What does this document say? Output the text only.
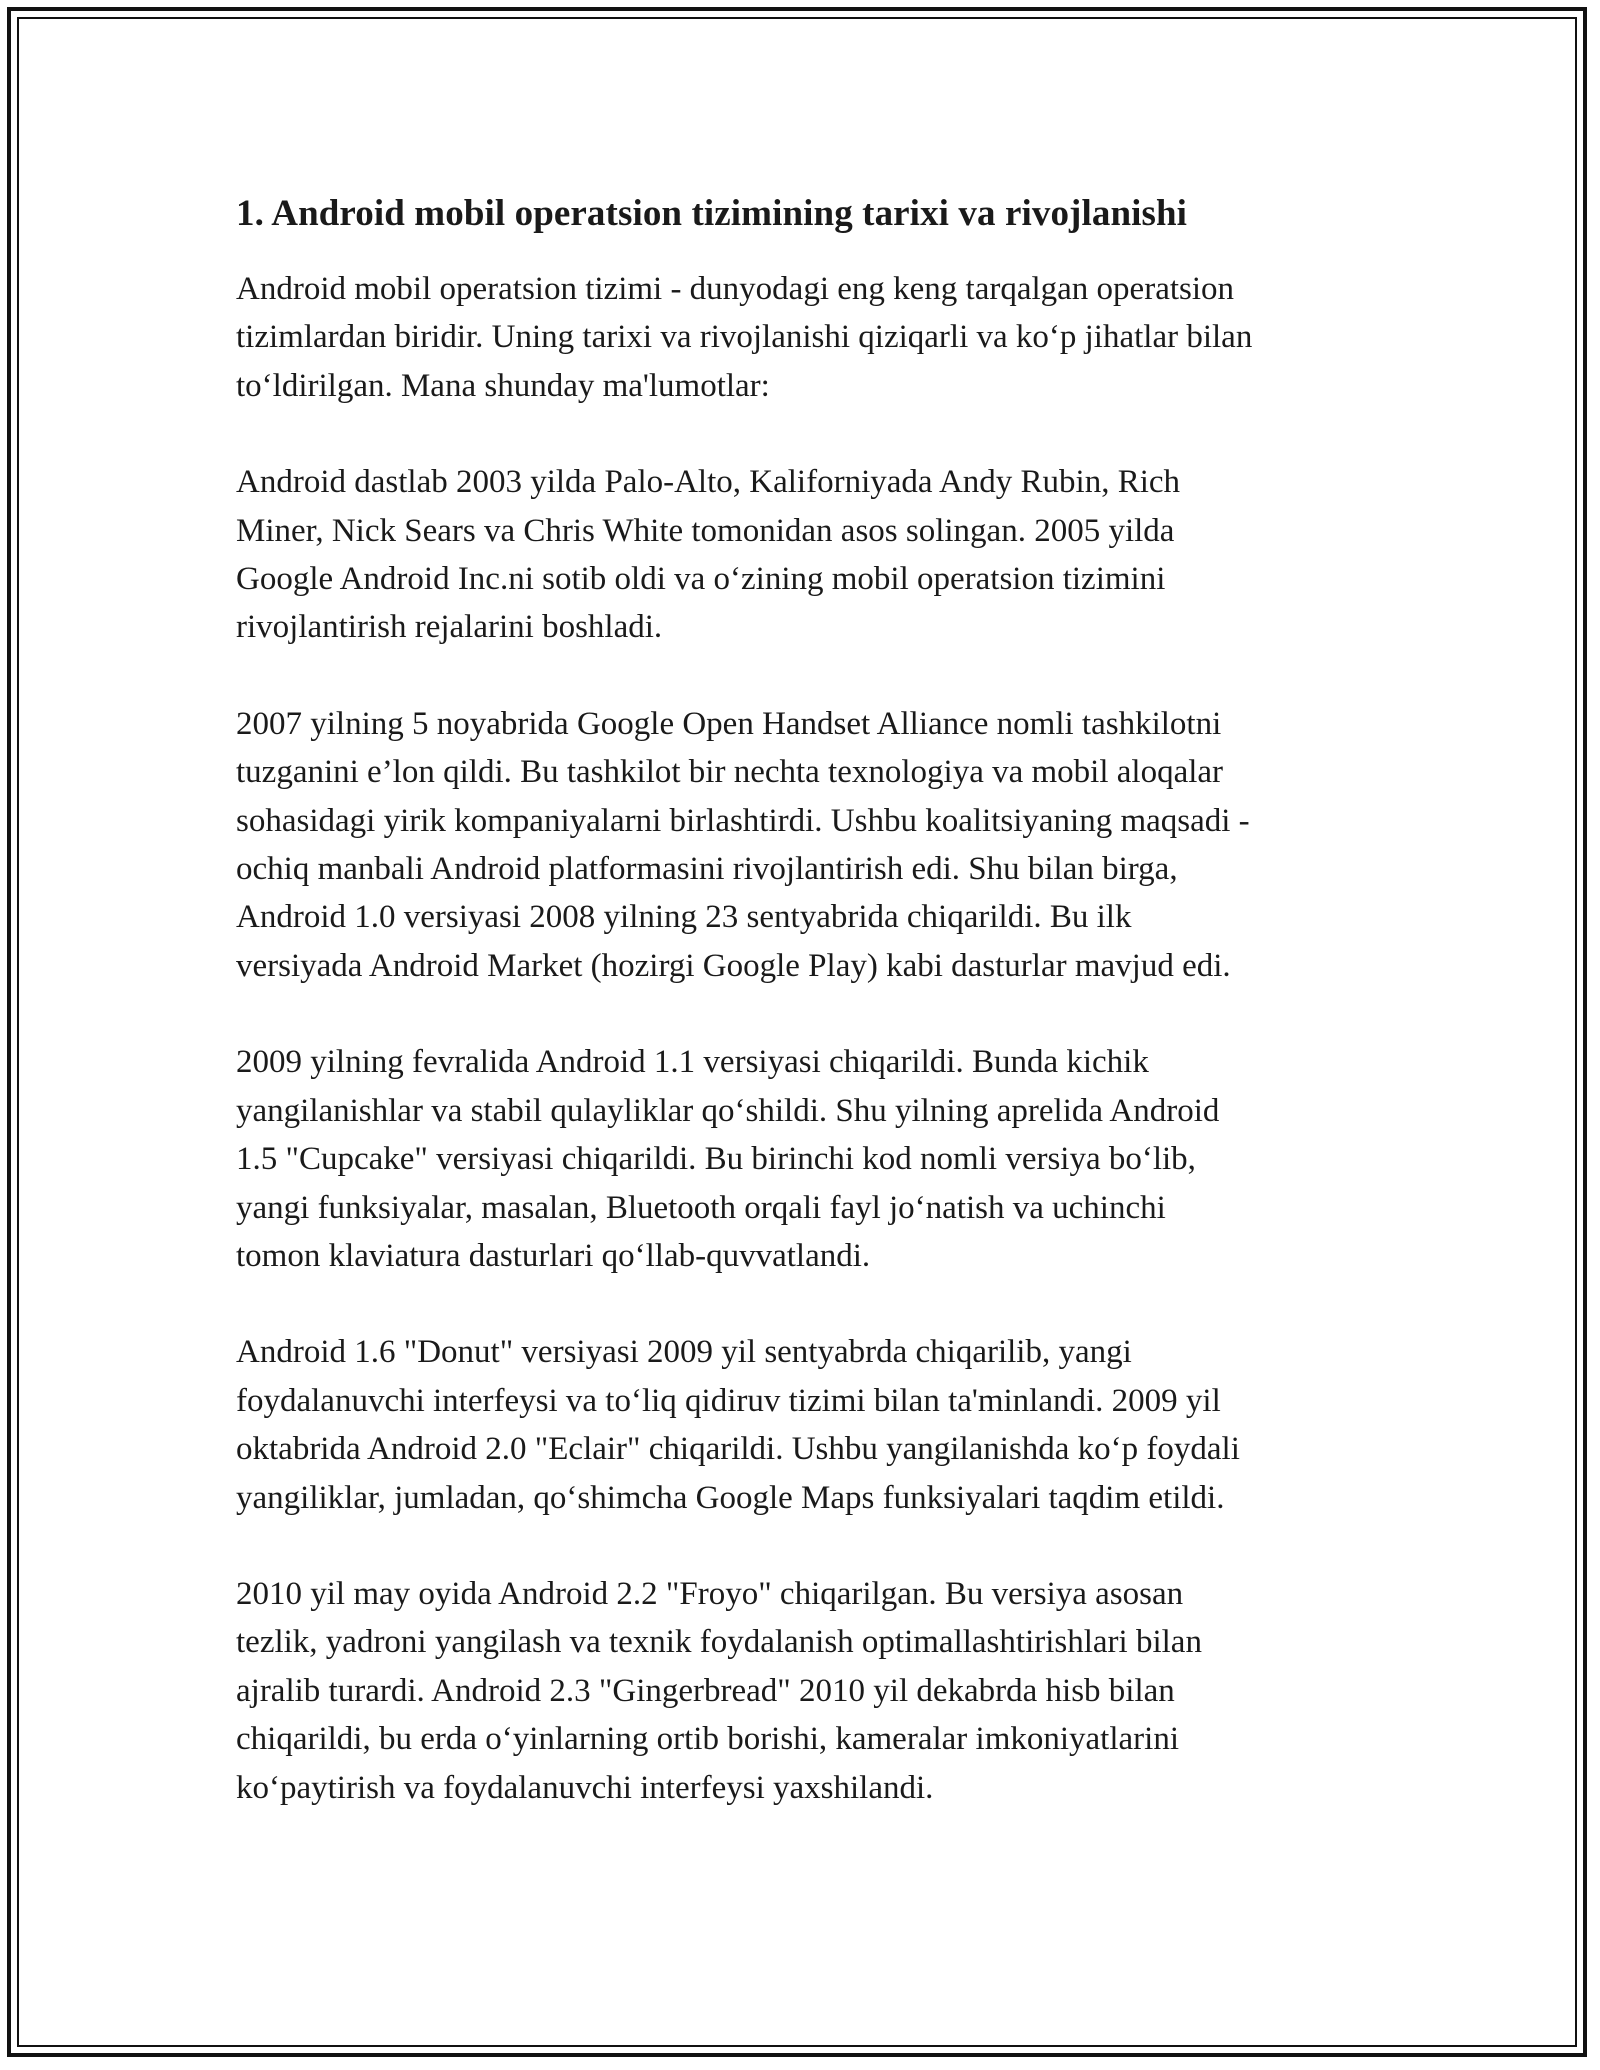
1. Android mobil operatsion tizimining tarixi va rivojlanishi

Android mobil operatsion tizimi - dunyodagi eng keng tarqalgan operatsion
tizimlardan biridir. Uning tarixi va rivojlanishi qiziqarli va ko‘p jihatlar bilan
to‘ldirilgan. Mana shunday ma'lumotlar:

Android dastlab 2003 yilda Palo-Alto, Kaliforniyada Andy Rubin, Rich
Miner, Nick Sears va Chris White tomonidan asos solingan. 2005 yilda
Google Android Inc.ni sotib oldi va o‘zining mobil operatsion tizimini
rivojlantirish rejalarini boshladi.

2007 yilning 5 noyabrida Google Open Handset Alliance nomli tashkilotni
tuzganini e’lon qildi. Bu tashkilot bir nechta texnologiya va mobil aloqalar
sohasidagi yirik kompaniyalarni birlashtirdi. Ushbu koalitsiyaning maqsadi -
ochiq manbali Android platformasini rivojlantirish edi. Shu bilan birga,
Android 1.0 versiyasi 2008 yilning 23 sentyabrida chiqarildi. Bu ilk
versiyada Android Market (hozirgi Google Play) kabi dasturlar mavjud edi.

2009 yilning fevralida Android 1.1 versiyasi chiqarildi. Bunda kichik
yangilanishlar va stabil qulayliklar qo‘shildi. Shu yilning aprelida Android
1.5 "Cupcake" versiyasi chiqarildi. Bu birinchi kod nomli versiya bo‘lib,
yangi funksiyalar, masalan, Bluetooth orqali fayl jo‘natish va uchinchi
tomon klaviatura dasturlari qo‘llab-quvvatlandi.

Android 1.6 "Donut" versiyasi 2009 yil sentyabrda chiqarilib, yangi
foydalanuvchi interfeysi va to‘liq qidiruv tizimi bilan ta'minlandi. 2009 yil
oktabrida Android 2.0 "Eclair" chiqarildi. Ushbu yangilanishda ko‘p foydali
yangiliklar, jumladan, qo‘shimcha Google Maps funksiyalari taqdim etildi.

2010 yil may oyida Android 2.2 "Froyo" chiqarilgan. Bu versiya asosan
tezlik, yadroni yangilash va texnik foydalanish optimallashtirishlari bilan
ajralib turardi. Android 2.3 "Gingerbread" 2010 yil dekabrda hisb bilan
chiqarildi, bu erda o‘yinlarning ortib borishi, kameralar imkoniyatlarini
ko‘paytirish va foydalanuvchi interfeysi yaxshilandi.
